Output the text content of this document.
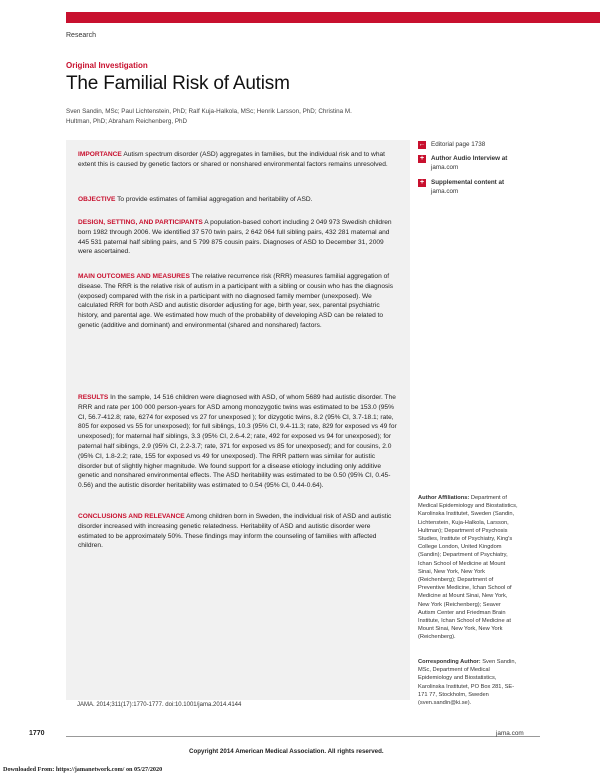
Research
Original Investigation
The Familial Risk of Autism

Sven Sandin, MSc; Paul Lichtenstein, PhD; Ralf Kuja-Halkola, MSc; Henrik Larsson, PhD; Christina M. Hultman, PhD; Abraham Reichenberg, PhD

IMPORTANCE Autism spectrum disorder (ASD) aggregates in families, but the individual risk and to what extent this is caused by genetic factors or shared or nonshared environmental factors remains unresolved.

OBJECTIVE To provide estimates of familial aggregation and heritability of ASD.

DESIGN, SETTING, AND PARTICIPANTS A population-based cohort including 2 049 973 Swedish children born 1982 through 2006. We identified 37 570 twin pairs, 2 642 064 full sibling pairs, 432 281 maternal and 445 531 paternal half sibling pairs, and 5 799 875 cousin pairs. Diagnoses of ASD to December 31, 2009 were ascertained.

MAIN OUTCOMES AND MEASURES The relative recurrence risk (RRR) measures familial aggregation of disease. The RRR is the relative risk of autism in a participant with a sibling or cousin who has the diagnosis (exposed) compared with the risk in a participant with no diagnosed family member (unexposed). We calculated RRR for both ASD and autistic disorder adjusting for age, birth year, sex, parental psychiatric history, and parental age. We estimated how much of the probability of developing ASD can be related to genetic (additive and dominant) and environmental (shared and nonshared) factors.

RESULTS In the sample, 14 516 children were diagnosed with ASD, of whom 5689 had autistic disorder. The RRR and rate per 100 000 person-years for ASD among monozygotic twins was estimated to be 153.0 (95% CI, 56.7-412.8; rate, 6274 for exposed vs 27 for unexposed ); for dizygotic twins, 8.2 (95% CI, 3.7-18.1; rate, 805 for exposed vs 55 for unexposed); for full siblings, 10.3 (95% CI, 9.4-11.3; rate, 829 for exposed vs 49 for unexposed); for maternal half siblings, 3.3 (95% CI, 2.6-4.2; rate, 492 for exposed vs 94 for unexposed); for paternal half siblings, 2.9 (95% CI, 2.2-3.7; rate, 371 for exposed vs 85 for unexposed); and for cousins, 2.0 (95% CI, 1.8-2.2; rate, 155 for exposed vs 49 for unexposed). The RRR pattern was similar for autistic disorder but of slightly higher magnitude. We found support for a disease etiology including only additive genetic and nonshared environmental effects. The ASD heritability was estimated to be 0.50 (95% CI, 0.45-0.56) and the autistic disorder heritability was estimated to 0.54 (95% CI, 0.44-0.64).

CONCLUSIONS AND RELEVANCE Among children born in Sweden, the individual risk of ASD and autistic disorder increased with increasing genetic relatedness. Heritability of ASD and autistic disorder were estimated to be approximately 50%. These findings may inform the counseling of families with affected children.

← Editorial page 1738
+	Author Audio Interview at jama.com
+	Supplemental content at jama.com

Author Affiliations: Department of Medical Epidemiology and Biostatistics, Karolinska Institutet, Sweden (Sandin, Lichtenstein, Kuja-Halkola, Larsson, Hultman); Department of Psychosis Studies, Institute of Psychiatry, King's College London, United Kingdom (Sandin); Department of Psychiatry, Ichan School of Medicine at Mount Sinai, New York, New York (Reichenberg); Department of Preventive Medicine, Ichan School of Medicine at Mount Sinai, New York, New York (Reichenberg); Seaver Autism Center and Friedman Brain Institute, Ichan School of Medicine at Mount Sinai, New York, New York (Reichenberg).

Corresponding Author: Sven Sandin, MSc, Department of Medical Epidemiology and Biostatistics, Karolinska Institutet, PO Box 281, SE-171 77, Stockholm, Sweden (sven.sandin@ki.se).

JAMA. 2014;311(17):1770-1777. doi:10.1001/jama.2014.4144
1770	jama.com
Copyright 2014 American Medical Association. All rights reserved.
Downloaded From: https://jamanetwork.com/ on 05/27/2020
